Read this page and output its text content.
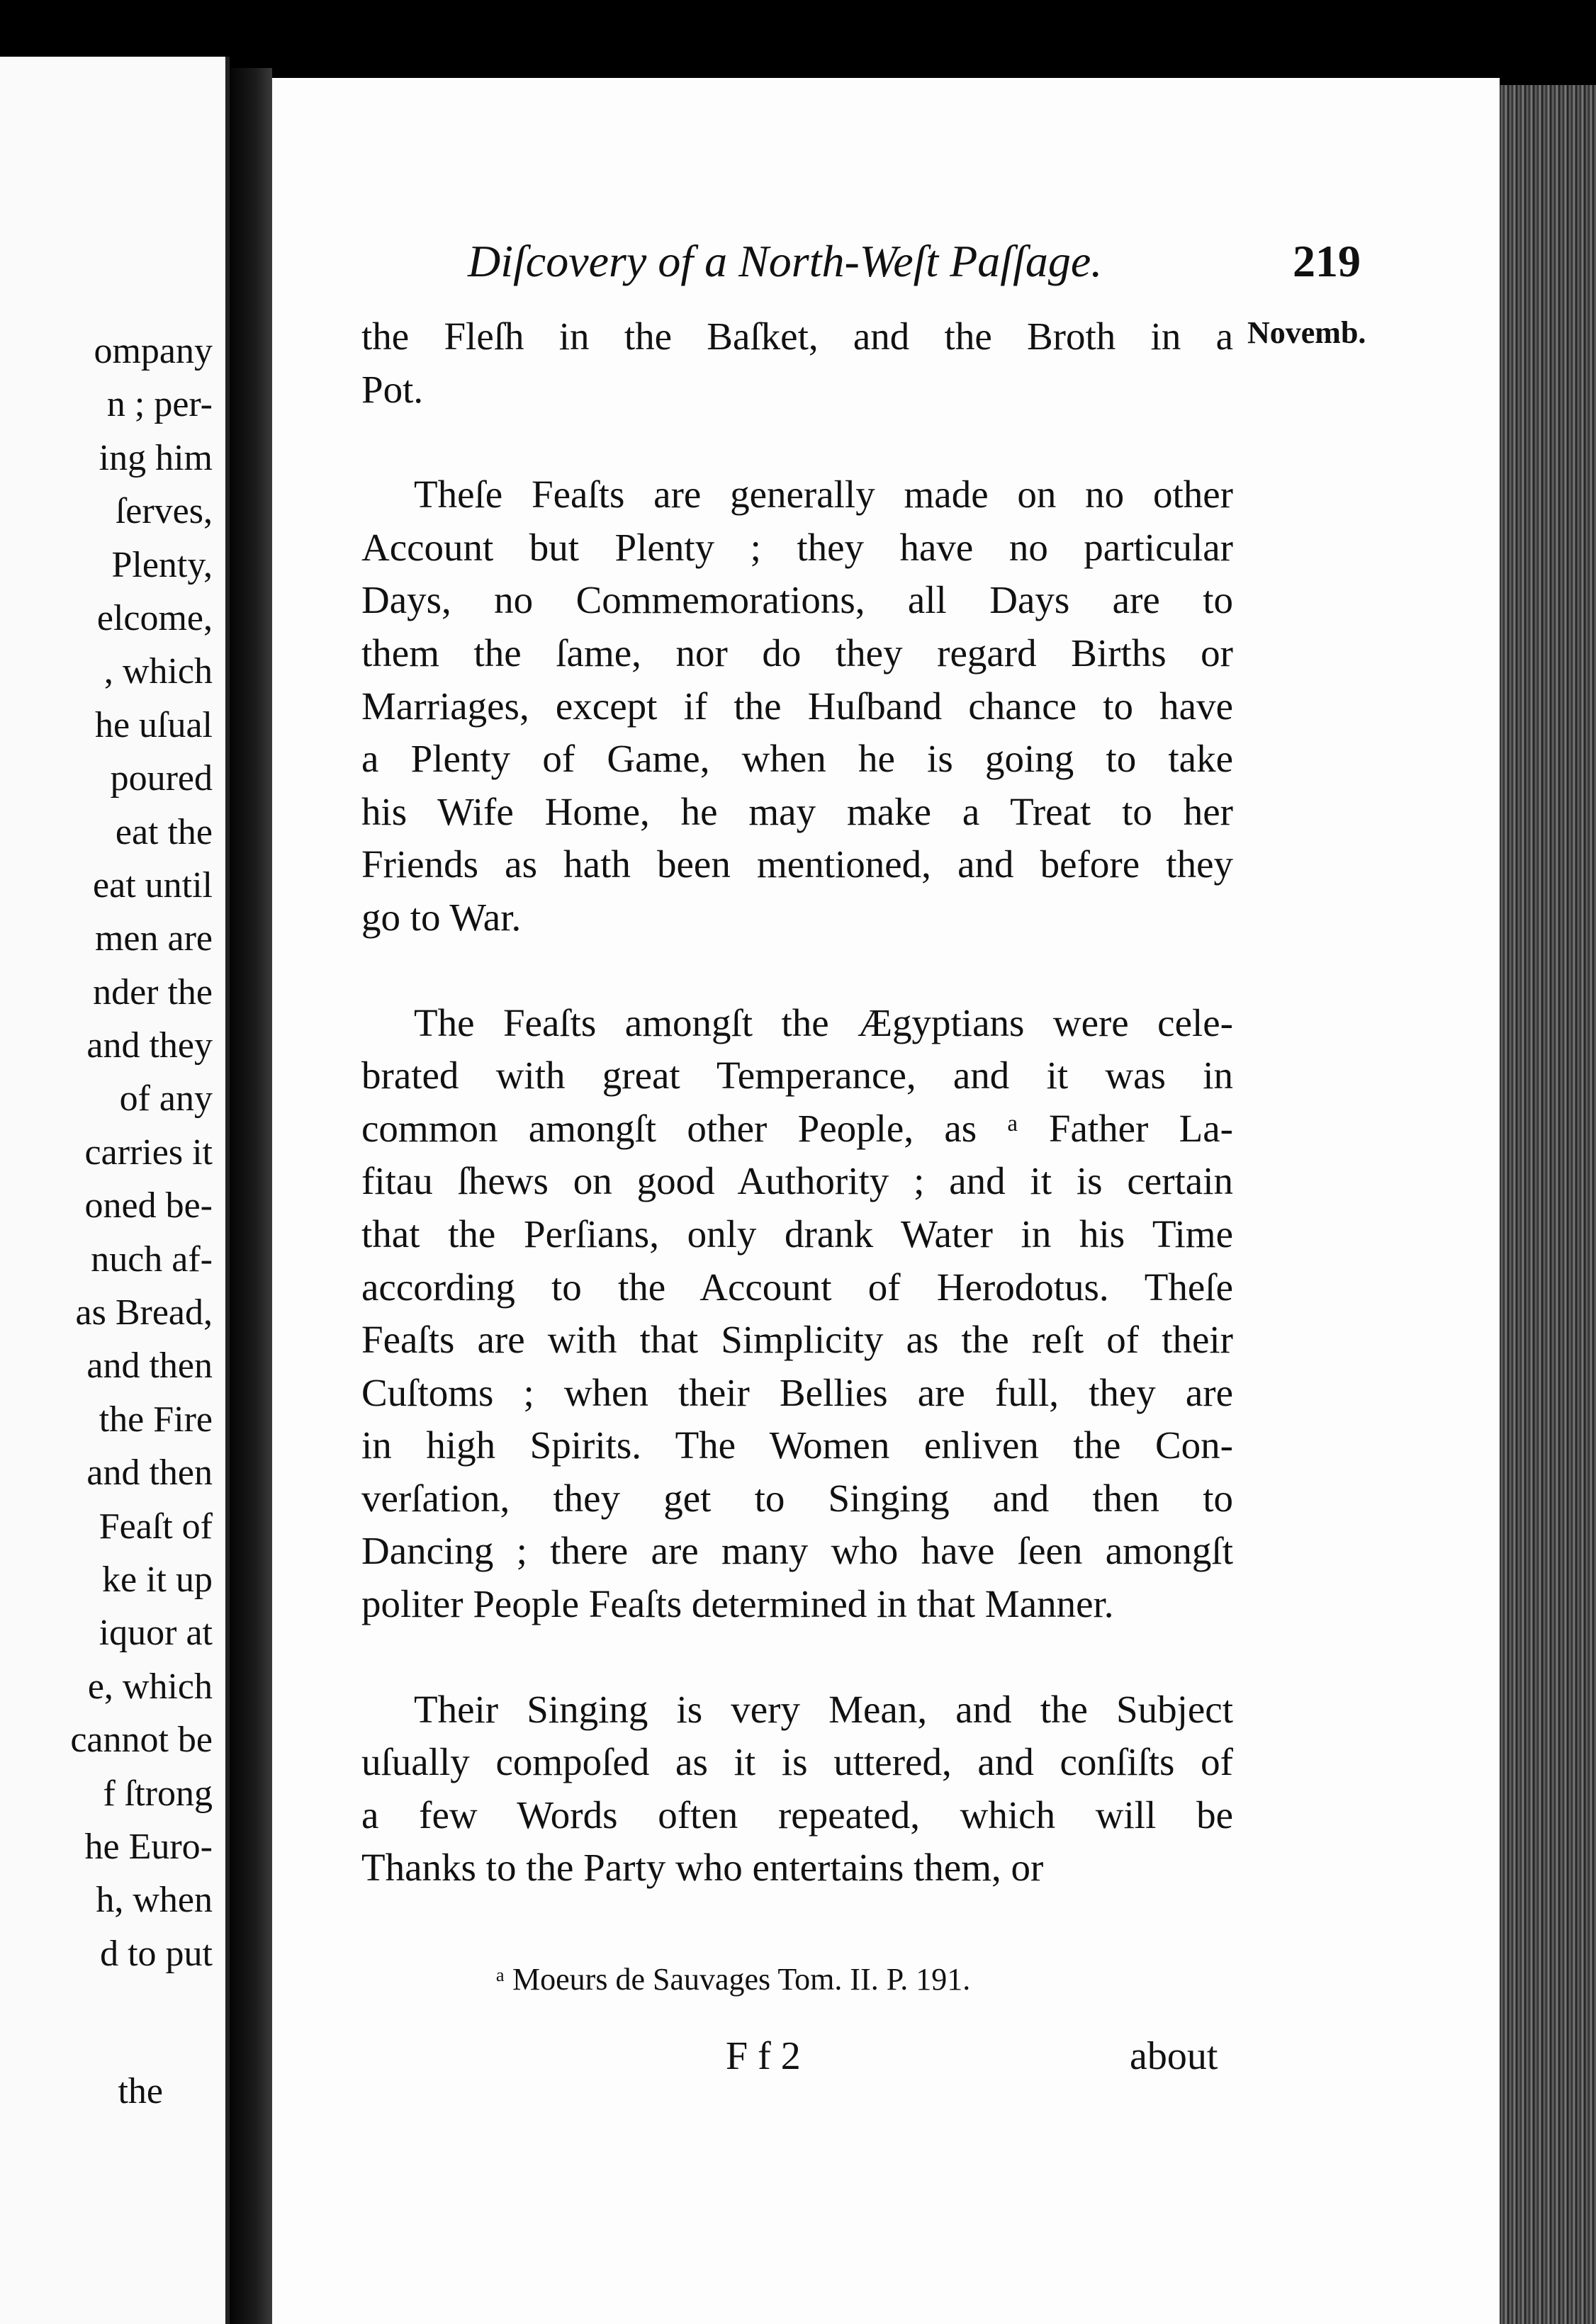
ompany
n ; per-
ing him
ſerves,
Plenty,
elcome,
, which
he uſual
poured
eat the
eat until
men are
nder the
and they
of any
carries it
oned be-
nuch af-
as Bread,
and then
the Fire
and then
Feaſt of
ke it up
iquor at
e, which
cannot be
f ſtrong
he Euro-
h, when
d to put
the
Diſcovery of a North-Weſt Paſſage.	219
Novemb.
the Fleſh in the Baſket, and the Broth in a
Pot.
Theſe Feaſts are generally made on no other
Account but Plenty ; they have no particular
Days, no Commemorations, all Days are to
them the ſame, nor do they regard Births or
Marriages, except if the Huſband chance to have
a Plenty of Game, when he is going to take
his Wife Home, he may make a Treat to her
Friends as hath been mentioned, and before they
go to War.
The Feaſts amongſt the Ægyptians were cele-
brated with great Temperance, and it was in
common amongſt other People, as ᵃ Father La-
fitau ſhews on good Authority ; and it is certain
that the Perſians, only drank Water in his Time
according to the Account of Herodotus. Theſe
Feaſts are with that Simplicity as the reſt of their
Cuſtoms ; when their Bellies are full, they are
in high Spirits. The Women enliven the Con-
verſation, they get to Singing and then to
Dancing ; there are many who have ſeen amongſt
politer People Feaſts determined in that Manner.
Their Singing is very Mean, and the Subject
uſually compoſed as it is uttered, and conſiſts of
a few Words often repeated, which will be
Thanks to the Party who entertains them, or
ᵃ Moeurs de Sauvages Tom. II. P. 191.
F f 2	about
